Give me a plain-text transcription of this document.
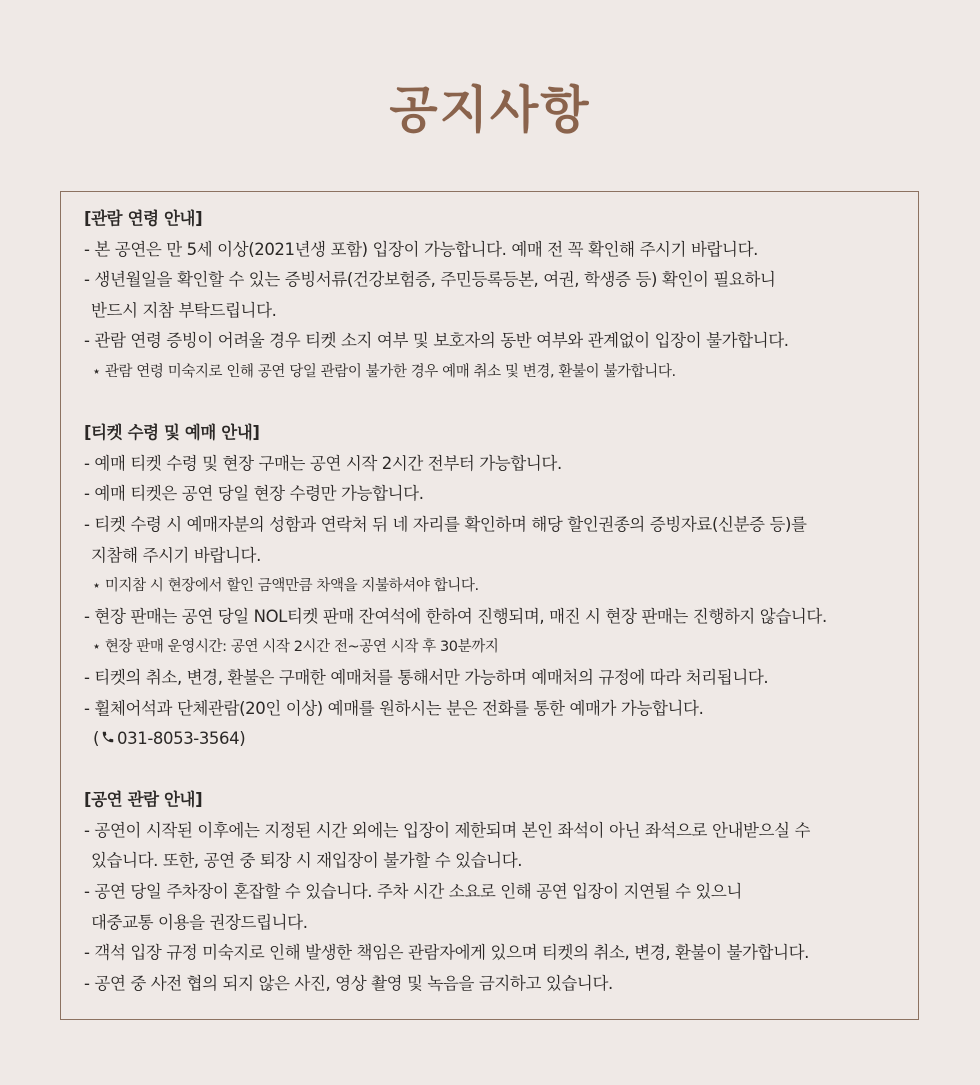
공지사항
[관람 연령 안내]
- 본 공연은 만 5세 이상(2021년생 포함) 입장이 가능합니다. 예매 전 꼭 확인해 주시기 바랍니다.
- 생년월일을 확인할 수 있는 증빙서류(건강보험증, 주민등록등본, 여권, 학생증 등) 확인이 필요하니
반드시 지참 부탁드립니다.
- 관람 연령 증빙이 어려울 경우 티켓 소지 여부 및 보호자의 동반 여부와 관계없이 입장이 불가합니다.
⋆ 관람 연령 미숙지로 인해 공연 당일 관람이 불가한 경우 예매 취소 및 변경, 환불이 불가합니다.
[티켓 수령 및 예매 안내]
- 예매 티켓 수령 및 현장 구매는 공연 시작 2시간 전부터 가능합니다.
- 예매 티켓은 공연 당일 현장 수령만 가능합니다.
- 티켓 수령 시 예매자분의 성함과 연락처 뒤 네 자리를 확인하며 해당 할인권종의 증빙자료(신분증 등)를
지참해 주시기 바랍니다.
⋆ 미지참 시 현장에서 할인 금액만큼 차액을 지불하셔야 합니다.
- 현장 판매는 공연 당일 NOL티켓 판매 잔여석에 한하여 진행되며, 매진 시 현장 판매는 진행하지 않습니다.
⋆ 현장 판매 운영시간: 공연 시작 2시간 전~공연 시작 후 30분까지
- 티켓의 취소, 변경, 환불은 구매한 예매처를 통해서만 가능하며 예매처의 규정에 따라 처리됩니다.
- 휠체어석과 단체관람(20인 이상) 예매를 원하시는 분은 전화를 통한 예매가 가능합니다.
( 031-8053-3564)
[공연 관람 안내]
- 공연이 시작된 이후에는 지정된 시간 외에는 입장이 제한되며 본인 좌석이 아닌 좌석으로 안내받으실 수
있습니다. 또한, 공연 중 퇴장 시 재입장이 불가할 수 있습니다.
- 공연 당일 주차장이 혼잡할 수 있습니다. 주차 시간 소요로 인해 공연 입장이 지연될 수 있으니
대중교통 이용을 권장드립니다.
- 객석 입장 규정 미숙지로 인해 발생한 책임은 관람자에게 있으며 티켓의 취소, 변경, 환불이 불가합니다.
- 공연 중 사전 협의 되지 않은 사진, 영상 촬영 및 녹음을 금지하고 있습니다.
